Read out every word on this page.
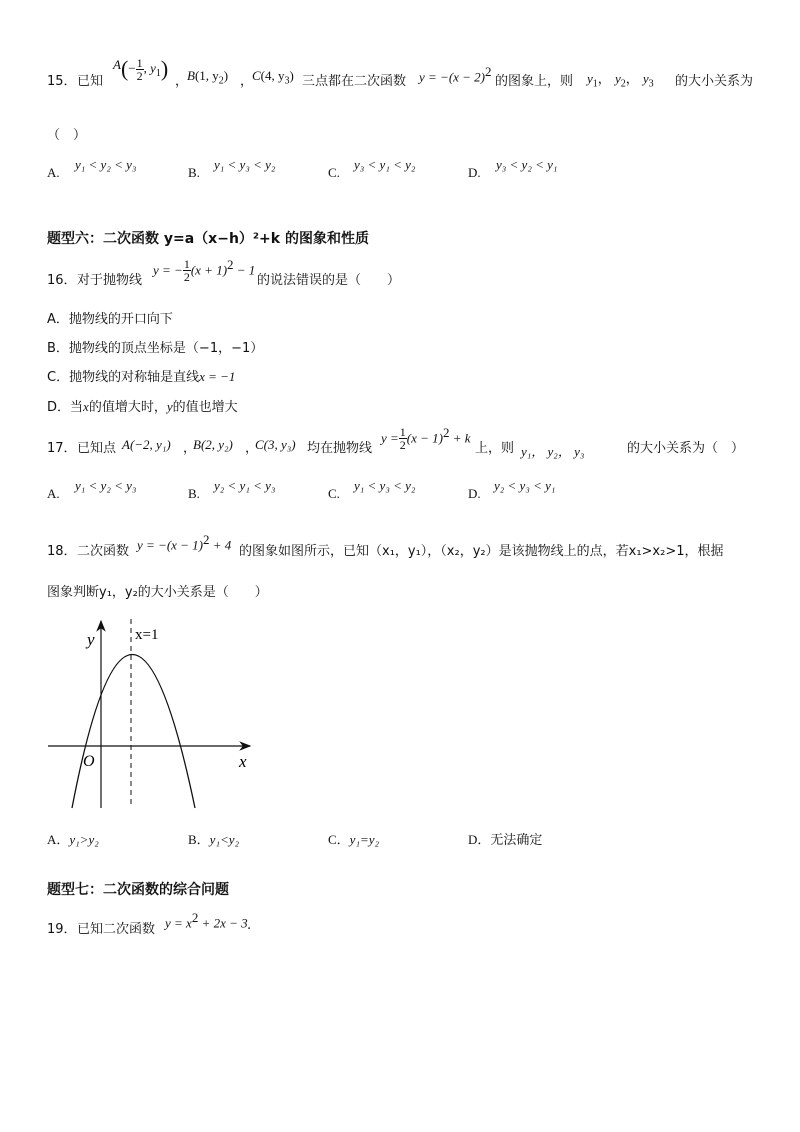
15． 已知
$A(- \frac{1}{2}$ , $y_1$)
，
B(1, $y_2$) ，
C(4, $y_3$) 三点都在二次函数 $y = -(x - 2)^2$
的图象上，则 $y_1$， $y_2$， $y_3$ 的大小关系为
（　）
A.
y₁ < y₂ < y₃
B.
y₁ < y₃ < y₂
C.
y₃ < y₁ < y₂
D.
y₃ < y₂ < y₁
题型六：二次函数 y=a（x−h）²+k 的图象和性质
16． 对于抛物线
y = − $\frac{1}{2} (x + 1)^2 - 1$
的说法错误的是（　　）
A．抛物线的开口向下
B．抛物线的顶点坐标是（−1，−1）
C．抛物线的对称轴是直线x = −1
D．当x的值增大时，y的值也增大
17． 已知点 A(−2, y₁) ，
B(2, y₂) ，
C(3, y₃) 均在抛物线
$y = \frac{1}{2} (x - 1)^2 + k$
上，则 y₁， y₂， y₃	的大小关系为（　）
A.
y₁ < y₂ < y₃
B.
y₂ < y₁ < y₃
C.
y₁ < y₃ < y₂
D.
y₂ < y₃ < y₁
18． 二次函数 $y = -(x - 1)^2 + 4$ 的图象如图所示，已知（x₁，y₁），（x₂，y₂）是该抛物线上的点，若x₁>x₂>1，根据
图象判断y₁，y₂的大小关系是（　　）
y
x
O
x=1
A．y₁>y₂	B．y₁<y₂	C．y₁=y₂	D．无法确定
题型七：二次函数的综合问题
19． 已知二次函数 $y = x^2 + 2x - 3$ .
